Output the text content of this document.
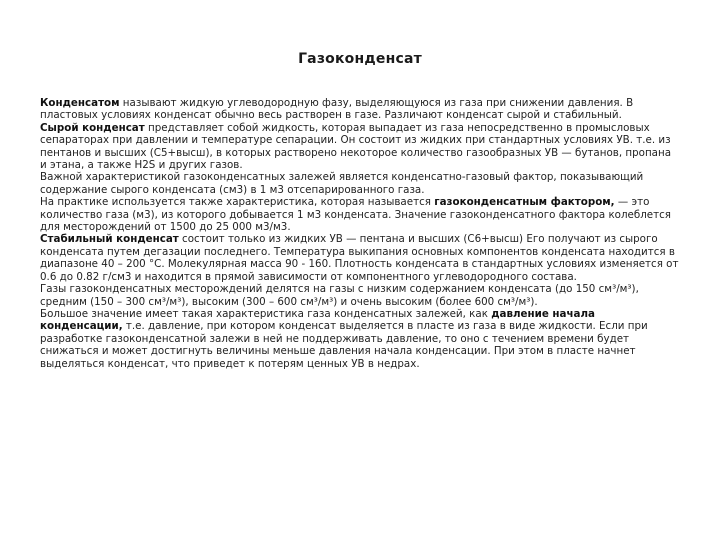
Газоконденсат

Конденсатом называют жидкую углеводородную фазу, выделяющуюся из газа при снижении давления. В пластовых условиях конденсат обычно весь растворен в газе. Различают конденсат сырой и стабильный.

Сырой конденсат представляет собой жидкость, которая выпадает из газа непосредственно в промысловых сепараторах при давлении и температуре сепарации. Он состоит из жидких при стандартных условиях УВ. т.е. из пентанов и высших (С5+высш), в которых растворено некоторое количество газообразных УВ — бутанов, пропана и этана, а также H2S и других газов.

Важной характеристикой газоконденсатных залежей является конденсатно-газовый фактор, показывающий содержание сырого конденсата (см3) в 1 м3 отсепарированного газа.

На практике используется также характеристика, которая называется газоконденсатным фактором, — это количество газа (м3), из которого добывается 1 м3 конденсата. Значение газоконденсатного фактора колеблется для месторождений от 1500 до 25 000 м3/м3.

Стабильный конденсат состоит только из жидких УВ — пентана и высших (С6+высш) Его получают из сырого конденсата путем дегазации последнего. Температура выкипания основных компонентов конденсата находится в диапазоне 40 – 200 °С. Молекулярная масса 90 - 160. Плотность конденсата в стандартных условиях изменяется от 0.6 до 0.82 г/см3 и находится в прямой зависимости от компонентного углеводородного состава.

Газы газоконденсатных месторождений делятся на газы с низким содержанием конденсата (до 150 см³/м³), средним (150 – 300 см³/м³), высоким (300 – 600 см³/м³) и очень высоким (более 600 см³/м³).

Большое значение имеет такая характеристика газа конденсатных залежей, как давление начала конденсации, т.е. давление, при котором конденсат выделяется в пласте из газа в виде жидкости. Если при разработке газоконденсатной залежи в ней не поддерживать давление, то оно с течением времени будет снижаться и может достигнуть величины меньше давления начала конденсации. При этом в пласте начнет выделяться конденсат, что приведет к потерям ценных УВ в недрах.
